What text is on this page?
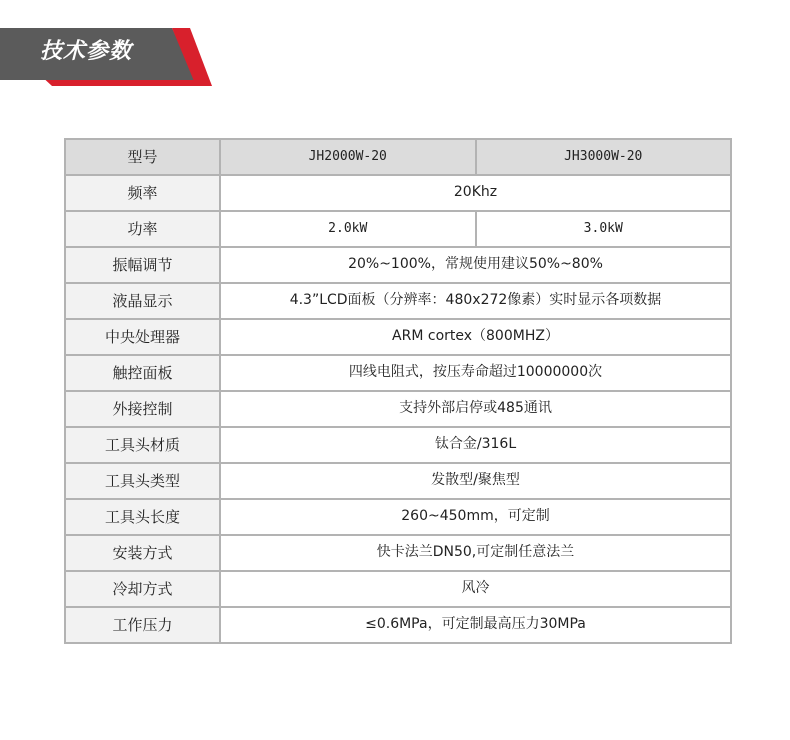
技术参数
型号	JH2000W-20	JH3000W-20
频率	20Khz	
功率	2.0kW	3.0kW
振幅调节	20%~100%，常规使用建议50%~80%	
液晶显示	4.3”LCD面板（分辨率：480x272像素）实时显示各项数据	
中央处理器	ARM cortex（800MHZ）	
触控面板	四线电阻式，按压寿命超过10000000次	
外接控制	支持外部启停或485通讯	
工具头材质	钛合金/316L	
工具头类型	发散型/聚焦型	
工具头长度	260~450mm，可定制	
安装方式	快卡法兰DN50,可定制任意法兰	
冷却方式	风冷	
工作压力	≤0.6MPa，可定制最高压力30MPa	
